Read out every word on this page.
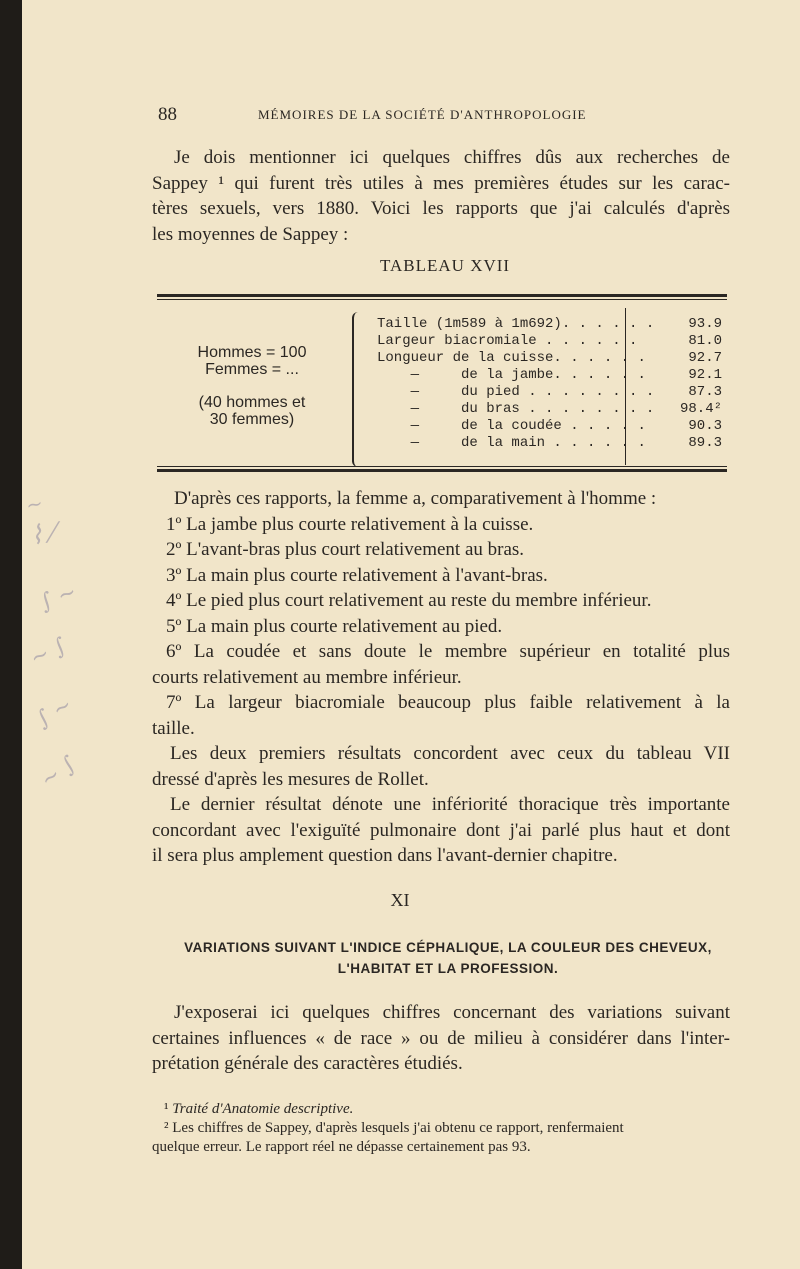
88	MÉMOIRES DE LA SOCIÉTÉ D'ANTHROPOLOGIE
Je dois mentionner ici quelques chiffres dûs aux recherches de
Sappey ¹ qui furent très utiles à mes premières études sur les carac-
tères sexuels, vers 1880. Voici les rapports que j'ai calculés d'après
les moyennes de Sappey :
TABLEAU XVII
Hommes = 100
Femmes = ...
(40 hommes et
30 femmes)
Taille (1m589 à 1m692). . . . . .	93.9
Largeur biacromiale . . . . . .	81.0
Longueur de la cuisse. . . . . .	92.7
—     de la jambe. . . . . .	92.1
—     du pied . . . . . . . .	87.3
—     du bras . . . . . . . .	98.4²
—     de la coudée . . . . .	90.3
—     de la main . . . . . .	89.3
D'après ces rapports, la femme a, comparativement à l'homme :
1º La jambe plus courte relativement à la cuisse.
2º L'avant-bras plus court relativement au bras.
3º La main plus courte relativement à l'avant-bras.
4º Le pied plus court relativement au reste du membre inférieur.
5º La main plus courte relativement au pied.
6º La coudée et sans doute le membre supérieur en totalité plus
courts relativement au membre inférieur.
7º La largeur biacromiale beaucoup plus faible relativement à la
taille.
Les deux premiers résultats concordent avec ceux du tableau VII
dressé d'après les mesures de Rollet.
Le dernier résultat dénote une infériorité thoracique très importante
concordant avec l'exiguïté pulmonaire dont j'ai parlé plus haut et dont
il sera plus amplement question dans l'avant-dernier chapitre.
XI
VARIATIONS SUIVANT L'INDICE CÉPHALIQUE, LA COULEUR DES CHEVEUX,
L'HABITAT ET LA PROFESSION.
J'exposerai ici quelques chiffres concernant des variations suivant
certaines influences « de race » ou de milieu à considérer dans l'inter-
prétation générale des caractères étudiés.
¹ Traité d'Anatomie descriptive.
² Les chiffres de Sappey, d'après lesquels j'ai obtenu ce rapport, renfermaient
quelque erreur. Le rapport réel ne dépasse certainement pas 93.
~
⌇ ⁄
∫ ∼
∼ ∫
∫ ∼
∼ ∫
